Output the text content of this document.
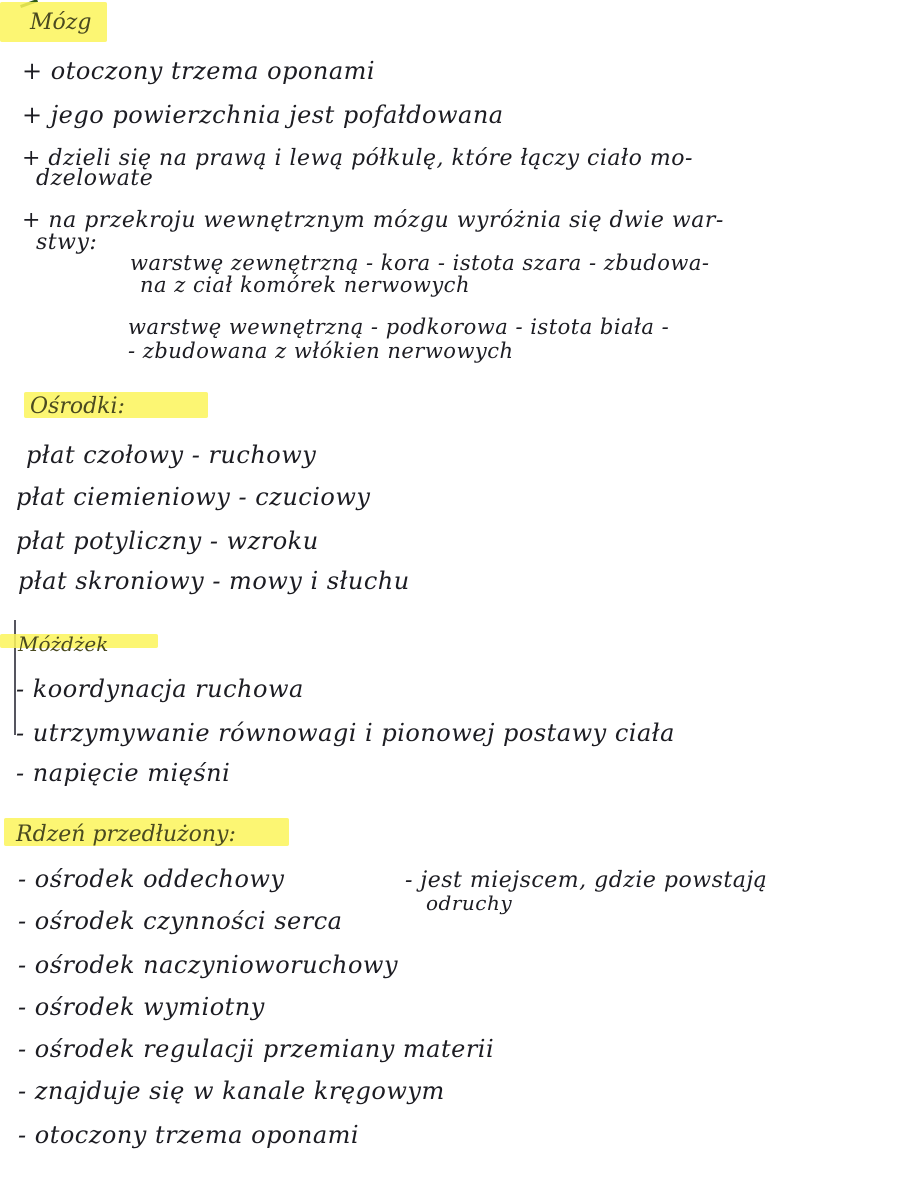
Mózg
+ otoczony trzema oponami
+ jego powierzchnia jest pofałdowana
+ dzieli się na prawą i lewą półkulę, które łączy ciało mo-
dzelowate
+ na przekroju wewnętrznym mózgu wyróżnia się dwie war-
stwy:
warstwę zewnętrzną - kora - istota szara - zbudowa-
na z ciał komórek nerwowych
warstwę wewnętrzną - podkorowa - istota biała -
- zbudowana z włókien nerwowych
Ośrodki:
płat czołowy - ruchowy
płat ciemieniowy - czuciowy
płat potyliczny - wzroku
płat skroniowy - mowy i słuchu
Móżdżek
- koordynacja ruchowa
- utrzymywanie równowagi i pionowej postawy ciała
- napięcie mięśni
Rdzeń przedłużony:
- ośrodek oddechowy	- jest miejscem, gdzie powstają
odruchy
- ośrodek czynności serca
- ośrodek naczynioworuchowy
- ośrodek wymiotny
- ośrodek regulacji przemiany materii
- znajduje się w kanale kręgowym
- otoczony trzema oponami
